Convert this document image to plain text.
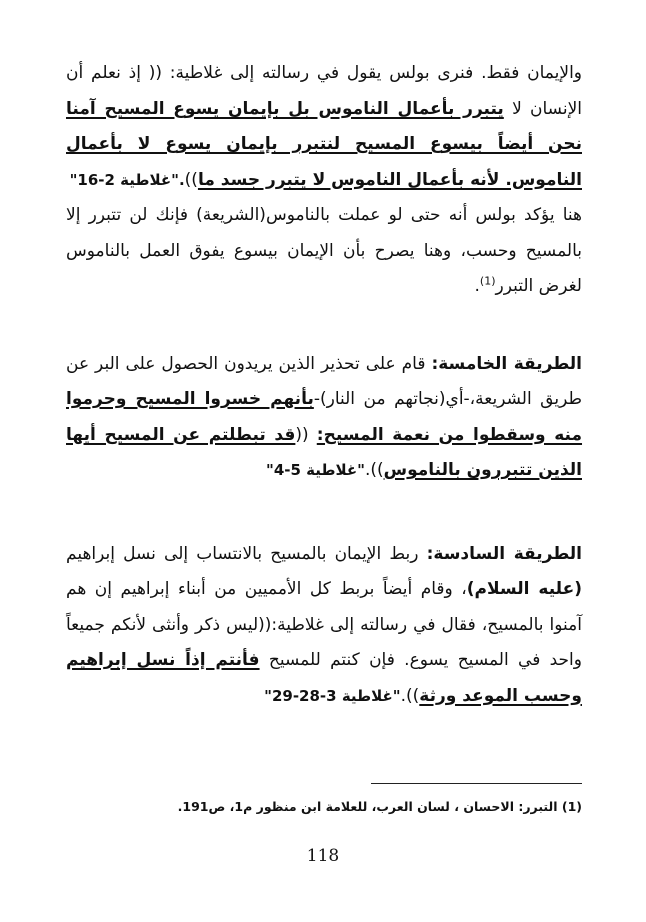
والإيمان فقط. فنرى بولس يقول في رسالته إلى غلاطية: (( إذ نعلم أن الإنسان لا يتبرر بأعمال الناموس بل بإيمان يسوع المسيح آمنا نحن أيضاً بيسوع المسيح لنتبرر بإيمان يسوع لا بأعمال الناموس. لأنه بأعمال الناموس لا يتبرر جسد ما))."غلاطية 2-16"

هنا يؤكد بولس أنه حتى لو عملت بالناموس(الشريعة) فإنك لن تتبرر إلا بالمسيح وحسب، وهنا يصرح بأن الإيمان بيسوع يفوق العمل بالناموس لغرض التبرر$^{(1)}$.

الطريقة الخامسة: قام على تحذير الذين يريدون الحصول على البر عن طريق الشريعة،-أي(نجاتهم من النار)-بأنهم خسروا المسيح وحرموا منه وسقطوا من نعمة المسيح: ((قد تبطلتم عن المسيح أيها الذين تتبررون بالناموس))."غلاطية 5-4"

الطريقة السادسة: ربط الإيمان بالمسيح بالانتساب إلى نسل إبراهيم (عليه السلام)، وقام أيضاً بربط كل الأمميين من أبناء إبراهيم إن هم آمنوا بالمسيح، فقال في رسالته إلى غلاطية:((ليس ذكر وأنثى لأنكم جميعاً واحد في المسيح يسوع. فإن كنتم للمسيح فأنتم إذاً نسل إبراهيم وحسب الموعد ورثة))."غلاطية 3-28-29"

(1) التبرر: الاحسان ، لسان العرب، للعلامة ابن منظور م1، ص191.
118
